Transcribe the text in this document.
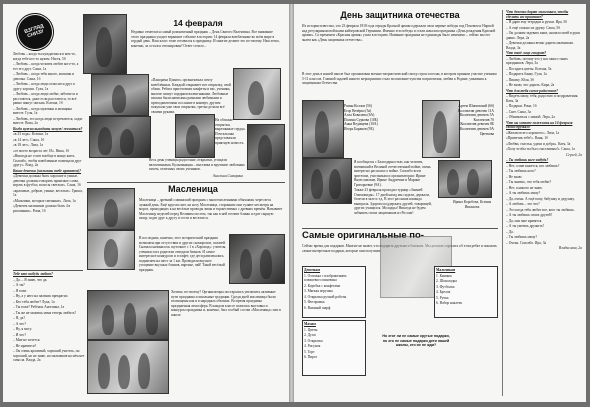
ВЗГЛЯД СНИЗУ

Любовь – когда ты нуждаешься в ком-то, когда тебе кто-то нужен. Настя, 5б

– Любовь – когда человек любит кого-то, а тот его друг. Саша, 1а

– Любовь – когда тебя много, мальчик и девочка. Саша, 1б

– Любовь – когда люди относятся друг к другу хорошо. Гуля, 1а

– Любовь – когда люди любят, заботятся и расстаются, даже если расстаются, то всё равно пишут письма. Ксюша, 1б

– Любовь – когда мужчина и женщина вместе. Гуля, 1а

– Любовь, это когда люди встречаются, ходят вместе. Вова, 2а

Когда нужно выходить замуж/ жениться?

«в 23 года». Ксюша, 1а

«в 14 лет». Саша, 1б

«в 18 лет». Лиза, 1а

«от моего возраста лет 18». Ника, 1б

«Никогда не стоит вообще в конце жить. Спасибо, чтобы влюбленные помещали друг другу». Влад, 2а

Какие девочки (мальчики тебе нравятся)?

«Девочки должны быть хорошие и умные, девочки должны говорить приятные слова, играть в футбол, волосы светлые». Саша, 1б

«красивые, добрые, умные, веселые». Гриша, 1а

«Мальчики, которые смешные». Лиза, 1а

«Девочек мальчиков должно быть 4 в рисовании». Рома, 1б

14 февраля
Недавно отметился самый романтичный праздник – День Святого Валентина. Все внимание этого праздника уходит взрывное событие в истории: 14 февраля влюбленные во всём мире в гордый день. Наш класс тоже готовился к празднику. И многие делают это по-своему. Нам легко, конечно, за остался оттонирован? Ответ стоило...
«Панорама Цзинго» организовала почту влюблённых. Каждый открывает вот открытку, свой облик. Ребята приготовили конфеты и вас, ученики, многие пишут подарков валентинками. Любовные письма были написаны разными любимыми и преподавателями послание в конверт, другим покупали уже свои открытки, третьи делали всё своими руками.
На обложке открытки, вырезанные сердца. Почтальоны представляли приятную новость.
Весь день ученицы радостные, открытки, угощали валентинками. Кульминация – выставка и вручение любовных писем, отличных своих учеников.
Ангелина Самарина
Масленица
Масленица – древний славянский праздник с многочисленными обычаями, через весь лунный день. Ещё кругом снег, на носу Масленица, сторонним они гуляют несмотря на мороз, приходящих к на весёлые проводы зимы и торжественно с древних времён. Называют Масленицу неделей перед Великим постом, так как в ней готовят блины и едят сырную пищу, ходят друг к другу в гости и веселятся.
В последних, конечно, этот исторический праздник возможен при отсутствии и других скоморохов, силачей. Сначала начиналось шуточное с 1 в «Хоровод»: учителя, ученики и их родители отведали блинов. И самое интересное конкурсов и эстафет, где дети развлекались поднятием на шест за 1 км. Проводили вкусное угощение вкусных блинов, варенье, чай! Такой весёлый праздник.
Хочешь по-своему? Организаторы постарались увеличить активные пути праздника и школьные традиции. Среди дней масленицы были посвящены как и в народных обычаях. Во время праздника праздничная атмосфера. В каждом классе полилась выставка и конкурсы праздника и, конечно, был особый состав «Масленица» или в школе.

Тебе кто-нибудь любит?

– Да. – Я знаю, что да.

– А ты?

– Я тоже.

– Ну, а у него на пальчик прекратил.

– Кто тебя любит? Лука, 1а

– Ты тоже? Ребёнок Ангелина, 1а

– Ты же не можешь меня теперь любить?

– Я, да?

– А что?

– Ну, я могу.

– И что?

– Мне не хочется.

– Не нравится?

– Он очень красивый, хороший учитель, он хороший, но не знаю, но мальчиков на нём нет смысла. Влада, 2а

День защитника отечества
Из истории известно, что 23 февраля 1918 года отряды Красной армии одержали свои первые победы под Псковом и Нарвой над регулярными войсками кайзеровской Германии. Именно эти победы и стали началом праздника «День рождения Красной армии». Со временем «Красная армия» ушла в историю. Название праздника не единожды было изменено – сейчас мы его знаем как «День защитника отечества».
В этот день в нашей школе был организован военно-патриотический смотр строя и песни, в котором приняли участие ученики 5-11 классов. Главной задачей нашего мероприятия стало воспитание чувства патриотизма, любви к Родине, уважения к защитникам Отечества.
Роман Козлов (5б)	Артем Шиповский (6б)
Егор Вечёрко (5а)	Коллектив девочек 11А
Алла Ковалева (6А)	Коллектив девочек 5А
Полина Суркова (10Б)	Коллектив 7б
Анна Ведищева (10А)	Коллектив девочек 8Б
Игорь Баранов (9Б)	Коллектив девочек 9А
Цветкова

Я пообщался с Благодарностью, как человек, воевавший в Великой отечественной войне, очень интересно рассказал о войне. Спасибо всем зрителям, участникам и организаторам: Ирине Вячеславовне, Ирине Андреевне и Марине Григорьевне (9А).

Также 23 февраля проходил турнир «Зимней Олимпиады». 17 дней назад мы сидели, держали, болели в зале и т.д. В этот раз наша команда выиграла. Здорово поддержать друзей, товарищей, других учащихся. Молодцы! Никогда не будем забывать своих защитников из России!

Ирина Коробова, Ксения Ивахнова
Самые оригинальные по-
Сейчас время для подарков. Многие не знают, что подарить друзьям и близким. Мы решили спросить об этом ребят и показать самые интересные подарки, которые они получили.
Девочкам

1. Отложка с изображением плюшевого пингвина

2. Коробка с конфетами

3. Мягкая игрушка

4. Открытка ручной работы

5. Фоторамка

6. Вязаный шарф

Мальчикам

1. Книжка

2. Шоколадка

3. Футболка

4. Брелок

5. Ручка

6. Набор наклеек

Мамам

1. Цветы

2. Духи

3. Открытка

4. Рисунок

5. Торт

6. Пирог

Но этот ли не самые крутые подарки, но это не самые подарки дети нашей школы, кто их не жди?

Что девочки дарят мальчикам, чтобы сделать им приятное?

– Я дарю ему тетрадки и ручки. Ира, 5б

– А ещё сильно их дружу. Саша, 5б

– Он должен задевать вниз, сначала моей в руки давно. Лера, 2а

– Девочки должны вечно дарить мальчикам. Влада, 3а

Что твоё лицо говорит?

– Любовь, потому что у нас много таких праздников. Лера, 3а

– Посадить цветы. Ксюша, 5а

– Подарить банку. Гуля, 1а

– Пикачу. Юля, 3б

– Не знаю, что дарить. Кира, 2а

Что для тебя самое радостное?

– Видеть маму, тебя, радостью и поздравления. Катя, 3а

– Подарки. Рома, 1б

– Снег. Саша, 3а

– Обниматься с мамой. Лера, 2а

Что вы хотите пожелать на 14 февраля своим друзьям?

«Желаю всего хорошего». Лиза, 1а

«Приветик тебе!». Ваня, 1б

«Любви, счастья, удачи и добра». Катя, 3а

«Хочу чтобы ты был счастливым!». Саша, 1а

Сергей, 2а

– Ты любишь кого-нибудь?

– Нет, а мне кажется, кто любишь?

– Ты любишь кого?

– Не знаю.

– Ты знаешь, что тебя любят?

– Нет, я никого не знаю.

– А ты любишь маму?

– Да, очень. А ещё папу, бабушку и дедушку.

– А любовь – это что?

– Это когда тебя любят все, кого ты любишь.

– А ты любишь своих друзей?

– Да, они мне нравятся.

– А ты умеешь дружить?

– Да.

– Ты любишь маму?

– Очень. Спасибо. Ира, 3а

Владислава, 2а
